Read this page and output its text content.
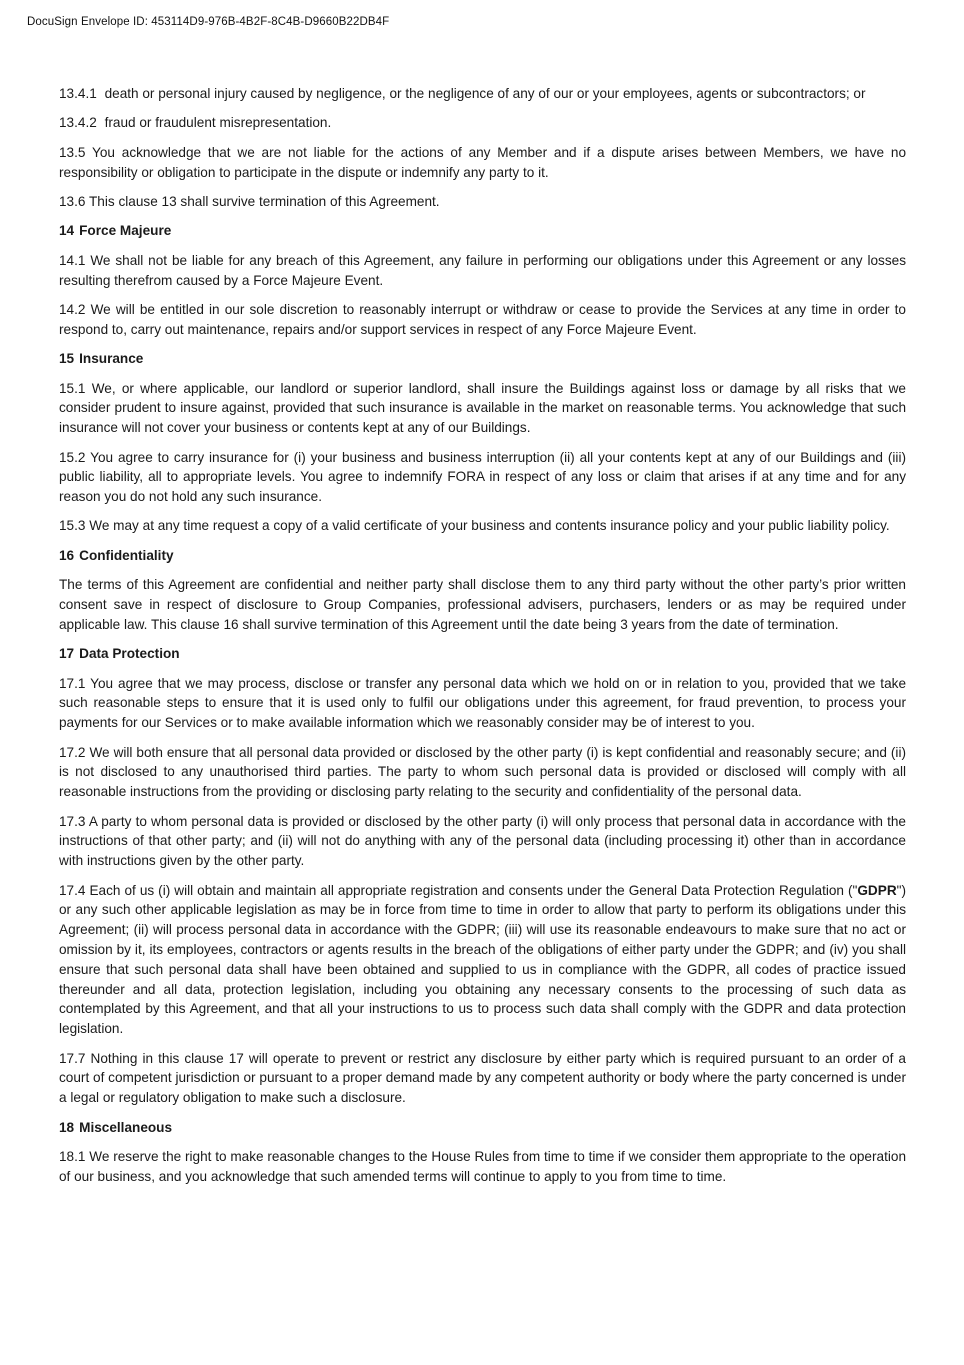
DocuSign Envelope ID: 453114D9-976B-4B2F-8C4B-D9660B22DB4F

13.4.1 death or personal injury caused by negligence, or the negligence of any of our or your employees, agents or subcontractors; or

13.4.2 fraud or fraudulent misrepresentation.

13.5 You acknowledge that we are not liable for the actions of any Member and if a dispute arises between Members, we have no responsibility or obligation to participate in the dispute or indemnify any party to it.

13.6 This clause 13 shall survive termination of this Agreement.

14 Force Majeure

14.1 We shall not be liable for any breach of this Agreement, any failure in performing our obligations under this Agreement or any losses resulting therefrom caused by a Force Majeure Event.

14.2 We will be entitled in our sole discretion to reasonably interrupt or withdraw or cease to provide the Services at any time in order to respond to, carry out maintenance, repairs and/or support services in respect of any Force Majeure Event.

15 Insurance

15.1 We, or where applicable, our landlord or superior landlord, shall insure the Buildings against loss or damage by all risks that we consider prudent to insure against, provided that such insurance is available in the market on reasonable terms. You acknowledge that such insurance will not cover your business or contents kept at any of our Buildings.

15.2 You agree to carry insurance for (i) your business and business interruption (ii) all your contents kept at any of our Buildings and (iii) public liability, all to appropriate levels. You agree to indemnify FORA in respect of any loss or claim that arises if at any time and for any reason you do not hold any such insurance.

15.3 We may at any time request a copy of a valid certificate of your business and contents insurance policy and your public liability policy.

16 Confidentiality

The terms of this Agreement are confidential and neither party shall disclose them to any third party without the other party’s prior written consent save in respect of disclosure to Group Companies, professional advisers, purchasers, lenders or as may be required under applicable law. This clause 16 shall survive termination of this Agreement until the date being 3 years from the date of termination.

17 Data Protection

17.1 You agree that we may process, disclose or transfer any personal data which we hold on or in relation to you, provided that we take such reasonable steps to ensure that it is used only to fulfil our obligations under this agreement, for fraud prevention, to process your payments for our Services or to make available information which we reasonably consider may be of interest to you.

17.2 We will both ensure that all personal data provided or disclosed by the other party (i) is kept confidential and reasonably secure; and (ii) is not disclosed to any unauthorised third parties. The party to whom such personal data is provided or disclosed will comply with all reasonable instructions from the providing or disclosing party relating to the security and confidentiality of the personal data.

17.3 A party to whom personal data is provided or disclosed by the other party (i) will only process that personal data in accordance with the instructions of that other party; and (ii) will not do anything with any of the personal data (including processing it) other than in accordance with instructions given by the other party.

17.4 Each of us (i) will obtain and maintain all appropriate registration and consents under the General Data Protection Regulation ("GDPR") or any such other applicable legislation as may be in force from time to time in order to allow that party to perform its obligations under this Agreement; (ii) will process personal data in accordance with the GDPR; (iii) will use its reasonable endeavours to make sure that no act or omission by it, its employees, contractors or agents results in the breach of the obligations of either party under the GDPR; and (iv) you shall ensure that such personal data shall have been obtained and supplied to us in compliance with the GDPR, all codes of practice issued thereunder and all data, protection legislation, including you obtaining any necessary consents to the processing of such data as contemplated by this Agreement, and that all your instructions to us to process such data shall comply with the GDPR and data protection legislation.

17.7 Nothing in this clause 17 will operate to prevent or restrict any disclosure by either party which is required pursuant to an order of a court of competent jurisdiction or pursuant to a proper demand made by any competent authority or body where the party concerned is under a legal or regulatory obligation to make such a disclosure.

18 Miscellaneous

18.1 We reserve the right to make reasonable changes to the House Rules from time to time if we consider them appropriate to the operation of our business, and you acknowledge that such amended terms will continue to apply to you from time to time.
